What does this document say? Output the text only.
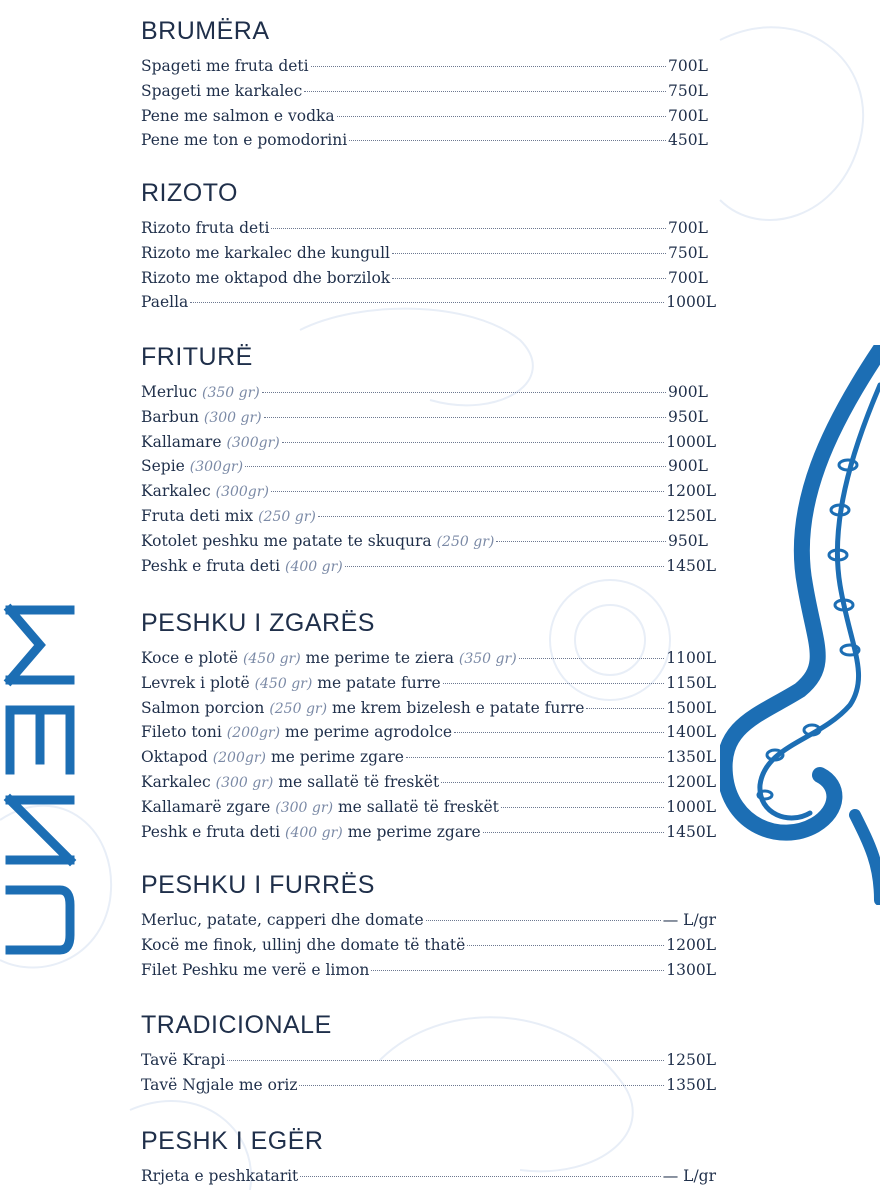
BRUMËRA
Spageti me fruta deti	700L
Spageti me karkalec	750L
Pene me salmon e vodka	700L
Pene me ton e pomodorini	450L
RIZOTO
Rizoto fruta deti	700L
Rizoto me karkalec dhe kungull	750L
Rizoto me oktapod dhe borzilok	700L
Paella	1000L
FRITURË
Merluc (350 gr)	900L
Barbun (300 gr)	950L
Kallamare (300gr)	1000L
Sepie (300gr)	900L
Karkalec (300gr)	1200L
Fruta deti mix (250 gr)	1250L
Kotolet peshku me patate te skuqura (250 gr)	950L
Peshk e fruta deti (400 gr)	1450L
PESHKU I ZGARËS
Koce e plotë (450 gr) me perime te ziera (350 gr)	1100L
Levrek i plotë (450 gr) me patate furre	1150L
Salmon porcion (250 gr) me krem bizelesh e patate furre	1500L
Fileto toni (200gr) me perime agrodolce	1400L
Oktapod (200gr) me perime zgare	1350L
Karkalec (300 gr) me sallatë të freskët	1200L
Kallamarë zgare (300 gr) me sallatë të freskët	1000L
Peshk e fruta deti (400 gr) me perime zgare	1450L
PESHKU I FURRËS
Merluc, patate, capperi dhe domate	— L/gr
Kocë me finok, ullinj dhe domate të thatë	1200L
Filet Peshku me verë e limon	1300L
TRADICIONALE
Tavë Krapi	1250L
Tavë Ngjale me oriz	1350L
PESHK I EGËR
Rrjeta e peshkatarit	— L/gr
